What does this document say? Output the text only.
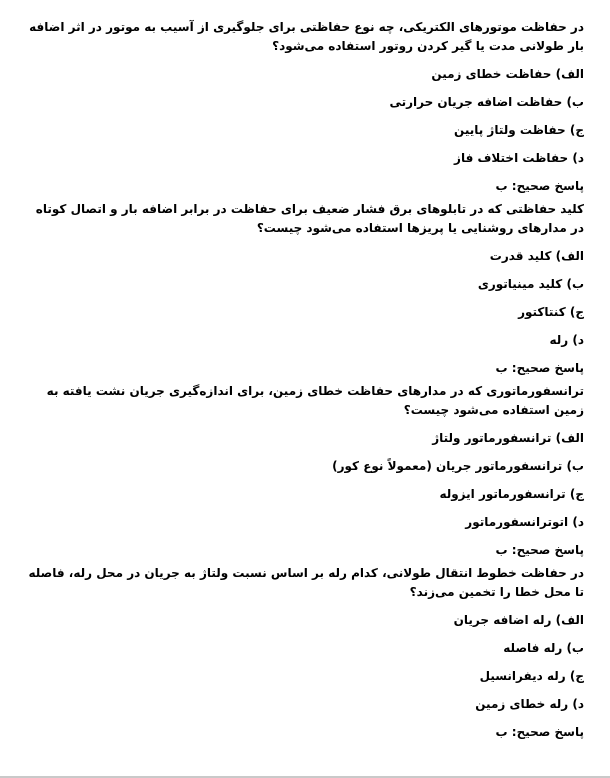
در حفاظت موتورهای الکتریکی، چه نوع حفاظتی برای جلوگیری از آسیب به موتور در اثر اضافه بار طولانی مدت یا گیر کردن روتور استفاده می‌شود؟

الف) حفاظت خطای زمین

ب) حفاظت اضافه جریان حرارتی

ج) حفاظت ولتاژ پایین

د) حفاظت اختلاف فاز

پاسخ صحیح: ب

کلید حفاظتی که در تابلوهای برق فشار ضعیف برای حفاظت در برابر اضافه بار و اتصال کوتاه در مدارهای روشنایی یا پریزها استفاده می‌شود چیست؟

الف) کلید قدرت

ب) کلید مینیاتوری

ج) کنتاکتور

د) رله

پاسخ صحیح: ب

ترانسفورماتوری که در مدارهای حفاظت خطای زمین، برای اندازه‌گیری جریان نشت یافته به زمین استفاده می‌شود چیست؟

الف) ترانسفورماتور ولتاژ

ب) ترانسفورماتور جریان (معمولاً نوع کور)

ج) ترانسفورماتور ایزوله

د) اتوترانسفورماتور

پاسخ صحیح: ب

در حفاظت خطوط انتقال طولانی، کدام رله بر اساس نسبت ولتاژ به جریان در محل رله، فاصله تا محل خطا را تخمین می‌زند؟

الف) رله اضافه جریان

ب) رله فاصله

ج) رله دیفرانسیل

د) رله خطای زمین

پاسخ صحیح: ب
